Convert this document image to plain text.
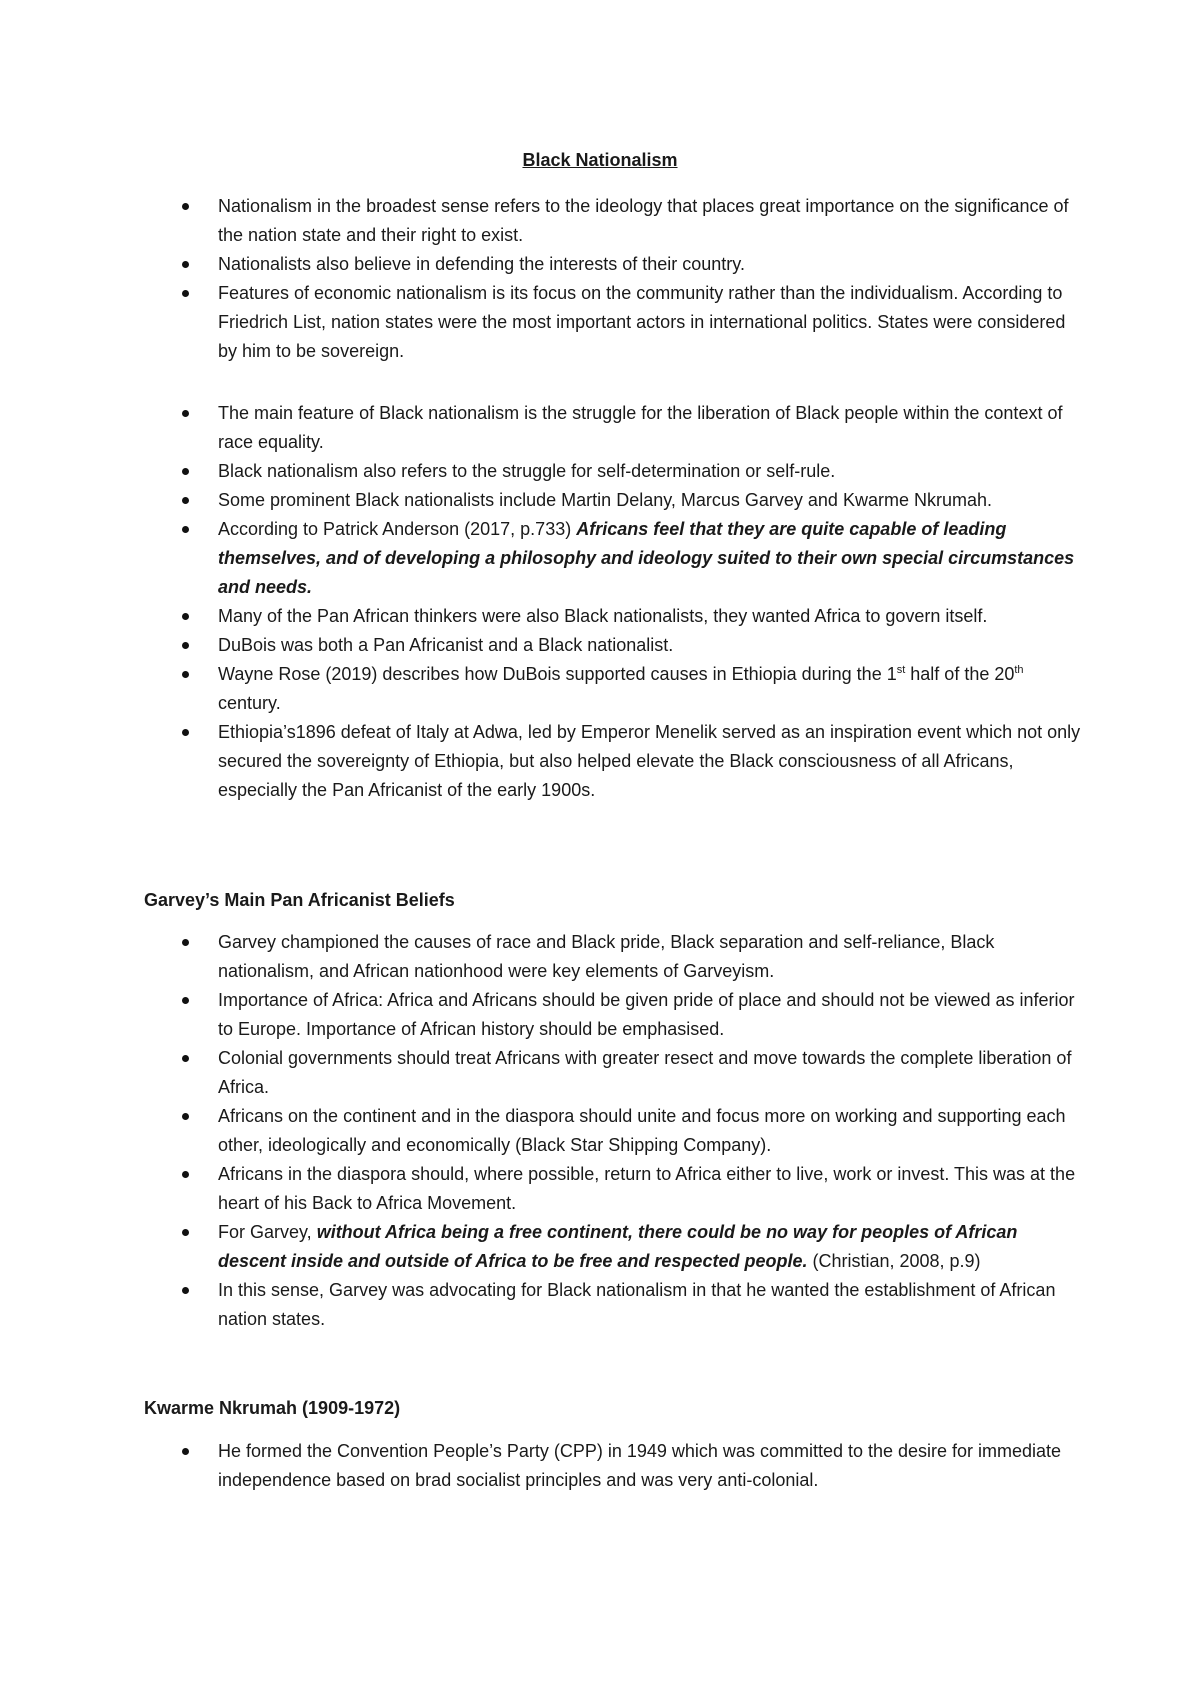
Black Nationalism
Nationalism in the broadest sense refers to the ideology that places great importance on the significance of the nation state and their right to exist.
Nationalists also believe in defending the interests of their country.
Features of economic nationalism is its focus on the community rather than the individualism. According to Friedrich List, nation states were the most important actors in international politics. States were considered by him to be sovereign.
The main feature of Black nationalism is the struggle for the liberation of Black people within the context of race equality.
Black nationalism also refers to the struggle for self-determination or self-rule.
Some prominent Black nationalists include Martin Delany, Marcus Garvey and Kwarme Nkrumah.
According to Patrick Anderson (2017, p.733) Africans feel that they are quite capable of leading themselves, and of developing a philosophy and ideology suited to their own special circumstances and needs.
Many of the Pan African thinkers were also Black nationalists, they wanted Africa to govern itself.
DuBois was both a Pan Africanist and a Black nationalist.
Wayne Rose (2019) describes how DuBois supported causes in Ethiopia during the 1st half of the 20th century.
Ethiopia’s1896 defeat of Italy at Adwa, led by Emperor Menelik served as an inspiration event which not only secured the sovereignty of Ethiopia, but also helped elevate the Black consciousness of all Africans, especially the Pan Africanist of the early 1900s.
Garvey’s Main Pan Africanist Beliefs
Garvey championed the causes of race and Black pride, Black separation and self-reliance, Black nationalism, and African nationhood were key elements of Garveyism.
Importance of Africa: Africa and Africans should be given pride of place and should not be viewed as inferior to Europe. Importance of African history should be emphasised.
Colonial governments should treat Africans with greater resect and move towards the complete liberation of Africa.
Africans on the continent and in the diaspora should unite and focus more on working and supporting each other, ideologically and economically (Black Star Shipping Company).
Africans in the diaspora should, where possible, return to Africa either to live, work or invest. This was at the heart of his Back to Africa Movement.
For Garvey, without Africa being a free continent, there could be no way for peoples of African descent inside and outside of Africa to be free and respected people. (Christian, 2008, p.9)
In this sense, Garvey was advocating for Black nationalism in that he wanted the establishment of African nation states.
Kwarme Nkrumah (1909-1972)
He formed the Convention People’s Party (CPP) in 1949 which was committed to the desire for immediate independence based on brad socialist principles and was very anti-colonial.
